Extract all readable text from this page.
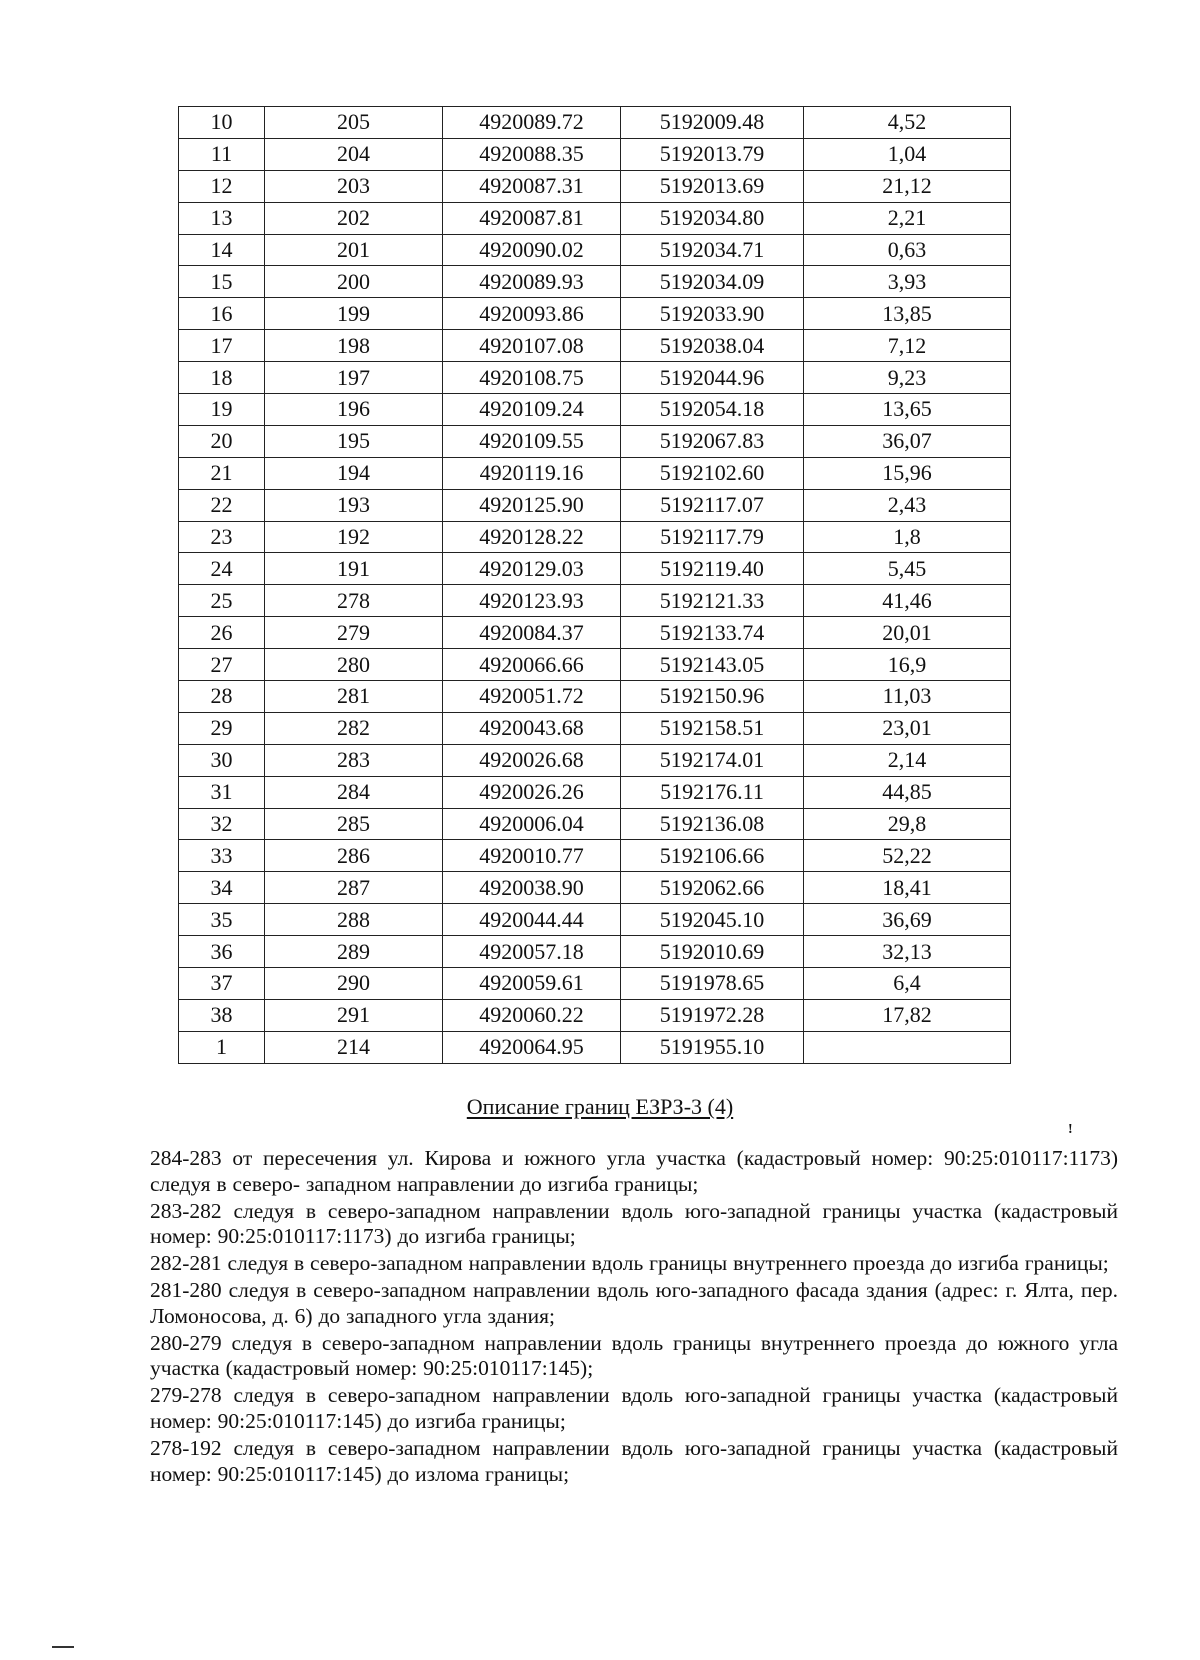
10	205	4920089.72	5192009.48	4,52
11	204	4920088.35	5192013.79	1,04
12	203	4920087.31	5192013.69	21,12
13	202	4920087.81	5192034.80	2,21
14	201	4920090.02	5192034.71	0,63
15	200	4920089.93	5192034.09	3,93
16	199	4920093.86	5192033.90	13,85
17	198	4920107.08	5192038.04	7,12
18	197	4920108.75	5192044.96	9,23
19	196	4920109.24	5192054.18	13,65
20	195	4920109.55	5192067.83	36,07
21	194	4920119.16	5192102.60	15,96
22	193	4920125.90	5192117.07	2,43
23	192	4920128.22	5192117.79	1,8
24	191	4920129.03	5192119.40	5,45
25	278	4920123.93	5192121.33	41,46
26	279	4920084.37	5192133.74	20,01
27	280	4920066.66	5192143.05	16,9
28	281	4920051.72	5192150.96	11,03
29	282	4920043.68	5192158.51	23,01
30	283	4920026.68	5192174.01	2,14
31	284	4920026.26	5192176.11	44,85
32	285	4920006.04	5192136.08	29,8
33	286	4920010.77	5192106.66	52,22
34	287	4920038.90	5192062.66	18,41
35	288	4920044.44	5192045.10	36,69
36	289	4920057.18	5192010.69	32,13
37	290	4920059.61	5191978.65	6,4
38	291	4920060.22	5191972.28	17,82
1	214	4920064.95	5191955.10	
Описание границ ЕЗРЗ-3 (4)
!

284-283 от пересечения ул. Кирова и южного угла участка (кадастровый номер: 90:25:010117:1173) следуя в северо- западном направлении до изгиба границы;

283-282 следуя в северо-западном направлении вдоль юго-западной границы участка (кадастровый номер: 90:25:010117:1173) до изгиба границы;

282-281 следуя в северо-западном направлении вдоль границы внутреннего проезда до изгиба границы;

281-280 следуя в северо-западном направлении вдоль юго-западного фасада здания (адрес: г. Ялта, пер. Ломоносова, д. 6) до западного угла здания;

280-279 следуя в северо-западном направлении вдоль границы внутреннего проезда до южного угла участка (кадастровый номер: 90:25:010117:145);

279-278 следуя в северо-западном направлении вдоль юго-западной границы участка (кадастровый номер: 90:25:010117:145) до изгиба границы;

278-192 следуя в северо-западном направлении вдоль юго-западной границы участка (кадастровый номер: 90:25:010117:145) до излома границы;
